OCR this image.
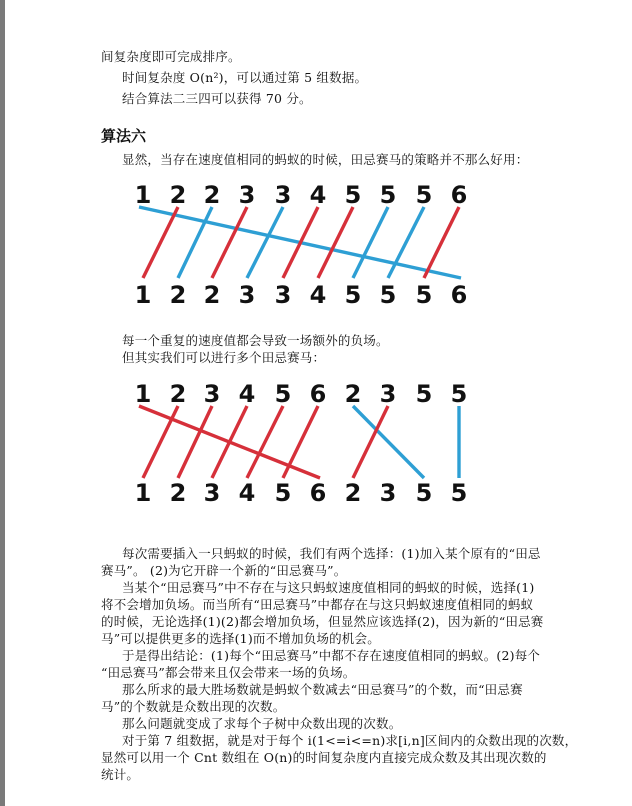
间复杂度即可完成排序。
时间复杂度 O(n²)，可以通过第 5 组数据。
结合算法二三四可以获得 70 分。
算法六
显然，当存在速度值相同的蚂蚁的时候，田忌赛马的策略并不那么好用：
1 2 2 3 3 4 5 5 5 6
1 2 2 3 3 4 5 5 5 6
每一个重复的速度值都会导致一场额外的负场。
但其实我们可以进行多个田忌赛马：
1 2 3 4 5 6 2 3 5 5
1 2 3 4 5 6 2 3 5 5
每次需要插入一只蚂蚁的时候，我们有两个选择：(1)加入某个原有的“田忌
赛马”。 (2)为它开辟一个新的“田忌赛马”。
当某个“田忌赛马”中不存在与这只蚂蚁速度值相同的蚂蚁的时候，选择(1)
将不会增加负场。而当所有“田忌赛马”中都存在与这只蚂蚁速度值相同的蚂蚁
的时候，无论选择(1)(2)都会增加负场，但显然应该选择(2)，因为新的“田忌赛
马”可以提供更多的选择(1)而不增加负场的机会。
于是得出结论：(1)每个“田忌赛马”中都不存在速度值相同的蚂蚁。(2)每个
“田忌赛马”都会带来且仅会带来一场的负场。
那么所求的最大胜场数就是蚂蚁个数减去“田忌赛马”的个数，而“田忌赛
马”的个数就是众数出现的次数。
那么问题就变成了求每个子树中众数出现的次数。
对于第 7 组数据，就是对于每个 i(1<=i<=n)求[i,n]区间内的众数出现的次数，
显然可以用一个 Cnt 数组在 O(n)的时间复杂度内直接完成众数及其出现次数的
统计。
